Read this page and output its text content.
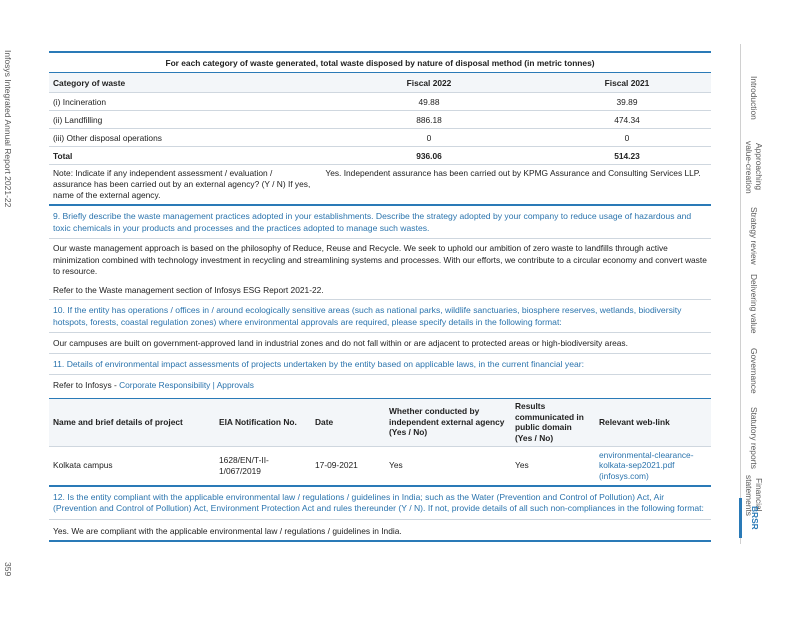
Infosys Integrated Annual Report 2021-22
359
For each category of waste generated, total waste disposed by nature of disposal method (in metric tonnes)
Category of waste	Fiscal 2022	Fiscal 2021
(i) Incineration	49.88	39.89
(ii) Landfilling	886.18	474.34
(iii) Other disposal operations	0	0
Total	936.06	514.23
Note: Indicate if any independent assessment / evaluation / assurance has been carried out by an external agency? (Y / N) If yes, name of the external agency.	Yes. Independent assurance has been carried out by KPMG Assurance and Consulting Services LLP.	
9. Briefly describe the waste management practices adopted in your establishments. Describe the strategy adopted by your company to reduce usage of hazardous and toxic chemicals in your products and processes and the practices adopted to manage such wastes.
Our waste management approach is based on the philosophy of Reduce, Reuse and Recycle. We seek to uphold our ambition of zero waste to landfills through active minimization combined with technology investment in recycling and streamlining systems and processes. With our efforts, we contribute to a circular economy and convert waste to resource.
Refer to the Waste management section of Infosys ESG Report 2021-22.
10. If the entity has operations / offices in / around ecologically sensitive areas (such as national parks, wildlife sanctuaries, biosphere reserves, wetlands, biodiversity hotspots, forests, coastal regulation zones) where environmental approvals are required, please specify details in the following format:
Our campuses are built on government-approved land in industrial zones and do not fall within or are adjacent to protected areas or high-biodiversity areas.
11. Details of environmental impact assessments of projects undertaken by the entity based on applicable laws, in the current financial year:
Refer to Infosys - Corporate Responsibility | Approvals
Name and brief details of project	EIA Notification No.	Date	Whether conducted by independent external agency (Yes / No)	Results communicated in public domain (Yes / No)	Relevant web-link
Kolkata campus	1628/EN/T-II-1/067/2019	17-09-2021	Yes	Yes	environmental-clearance-kolkata-sep2021.pdf (infosys.com)
12. Is the entity compliant with the applicable environmental law / regulations / guidelines in India; such as the Water (Prevention and Control of Pollution) Act, Air (Prevention and Control of Pollution) Act, Environment Protection Act and rules thereunder (Y / N). If not, provide details of all such non-compliances in the following format:
Yes. We are compliant with the applicable environmental law / regulations / guidelines in India.
Introduction
Approaching value-creation
Strategy review
Delivering value
Governance
Statutory reports
Financial statements
BRSR
